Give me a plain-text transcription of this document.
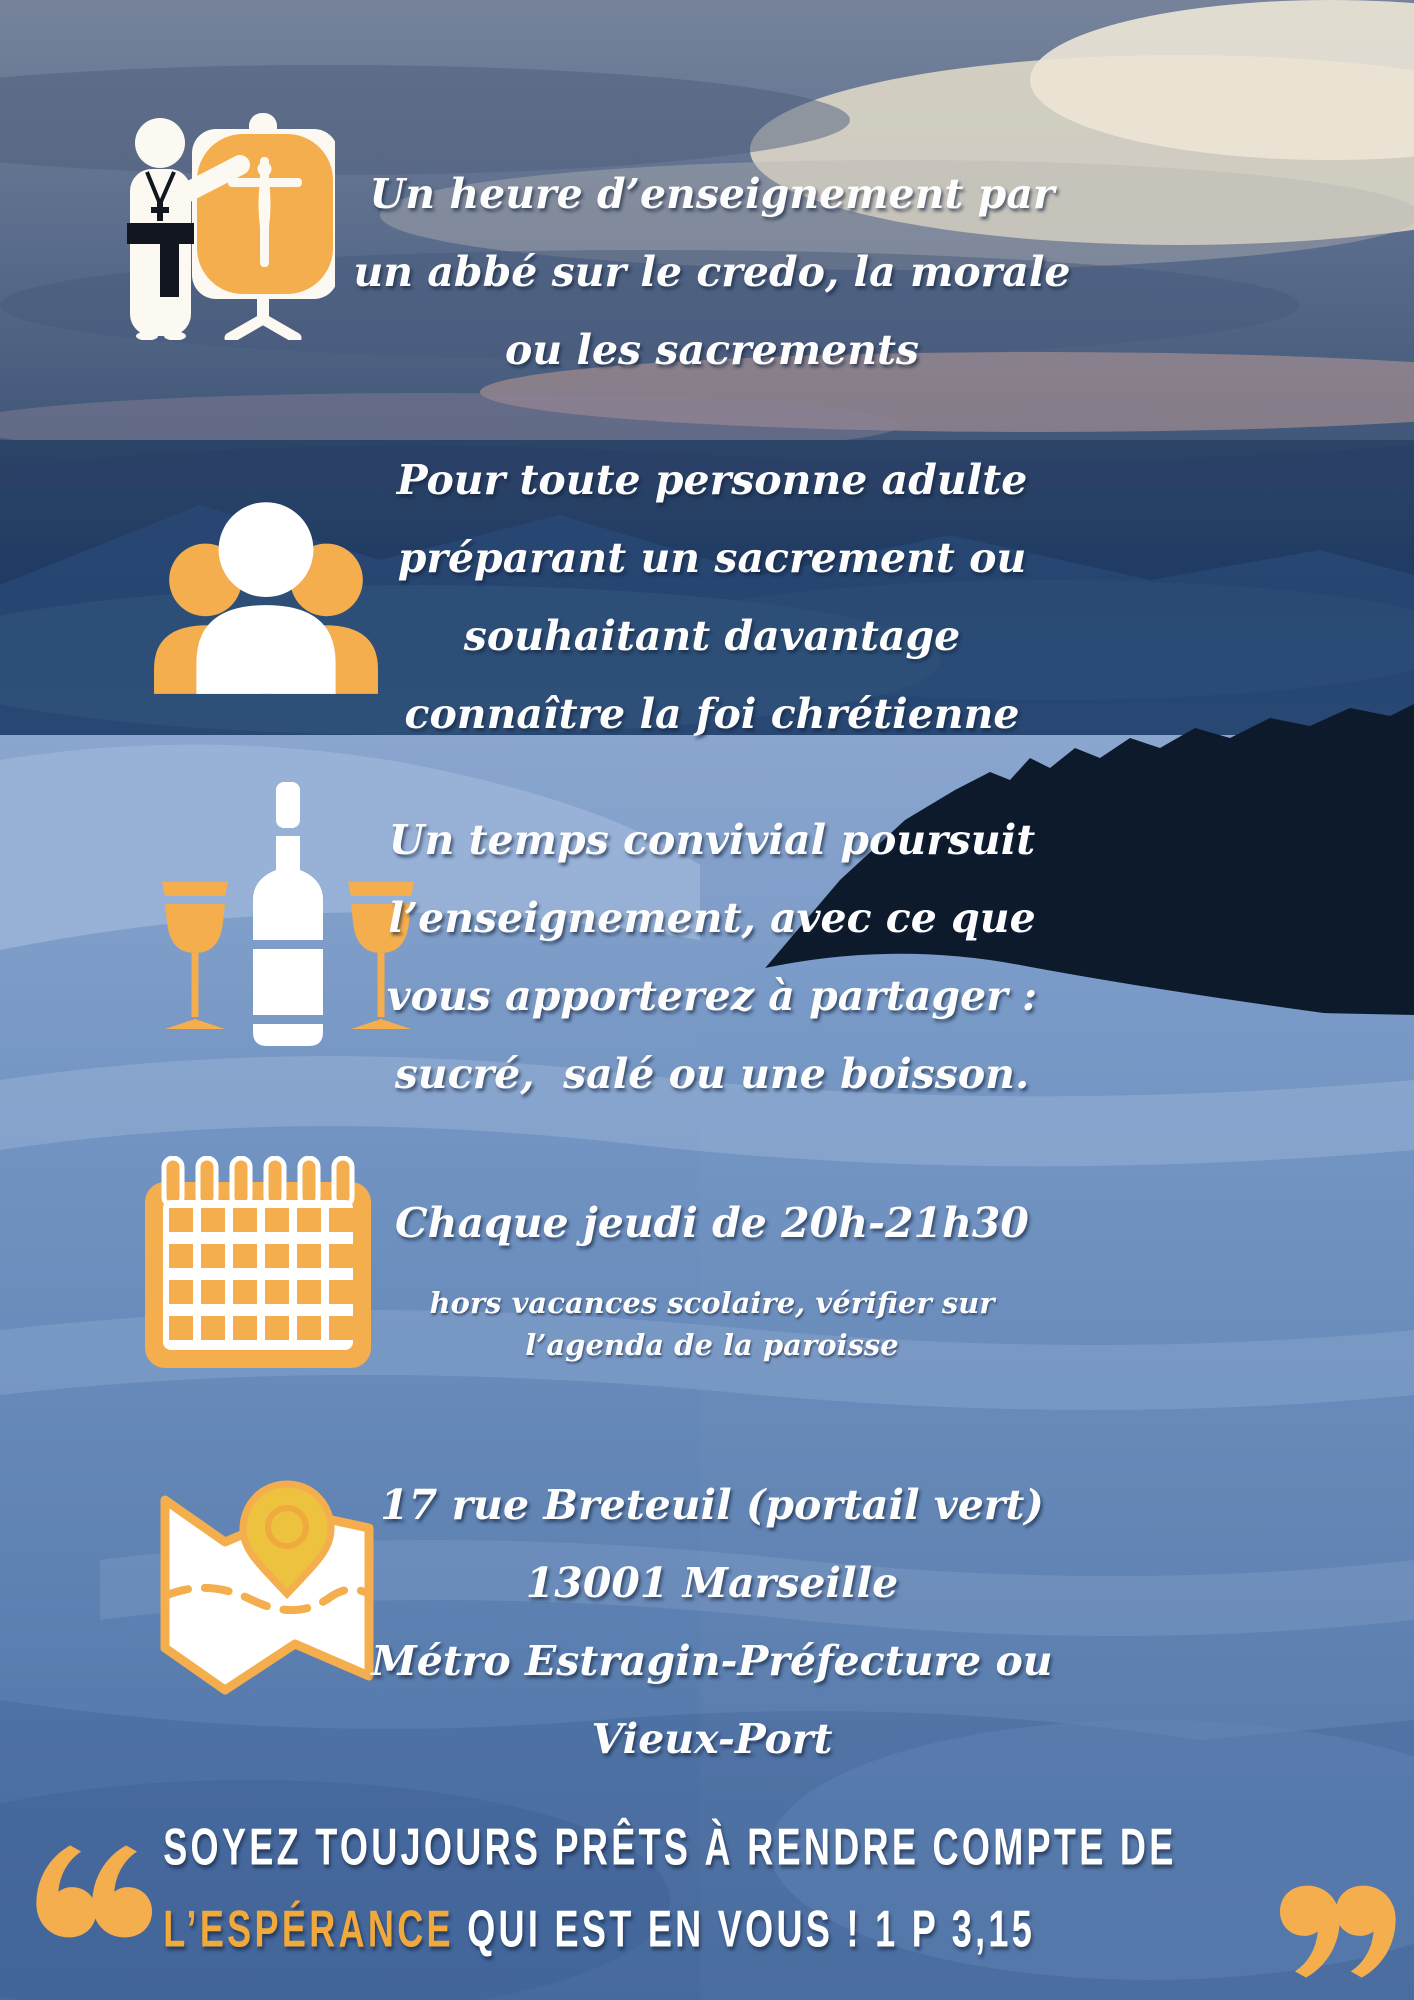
Un heure d’enseignement par
un abbé sur le credo, la morale
ou les sacrements
Pour toute personne adulte
préparant un sacrement ou
souhaitant davantage
connaître la foi chrétienne
Un temps convivial poursuit
l’enseignement, avec ce que
vous apporterez à partager :
sucré,  salé ou une boisson.
Chaque jeudi de 20h-21h30
hors vacances scolaire, vérifier sur
l’agenda de la paroisse
17 rue Breteuil (portail vert)
13001 Marseille
Métro Estragin-Préfecture ou
Vieux-Port
SOYEZ TOUJOURS PRÊTS À RENDRE COMPTE DE
L’ESPÉRANCE QUI EST EN VOUS ! 1 P 3,15
